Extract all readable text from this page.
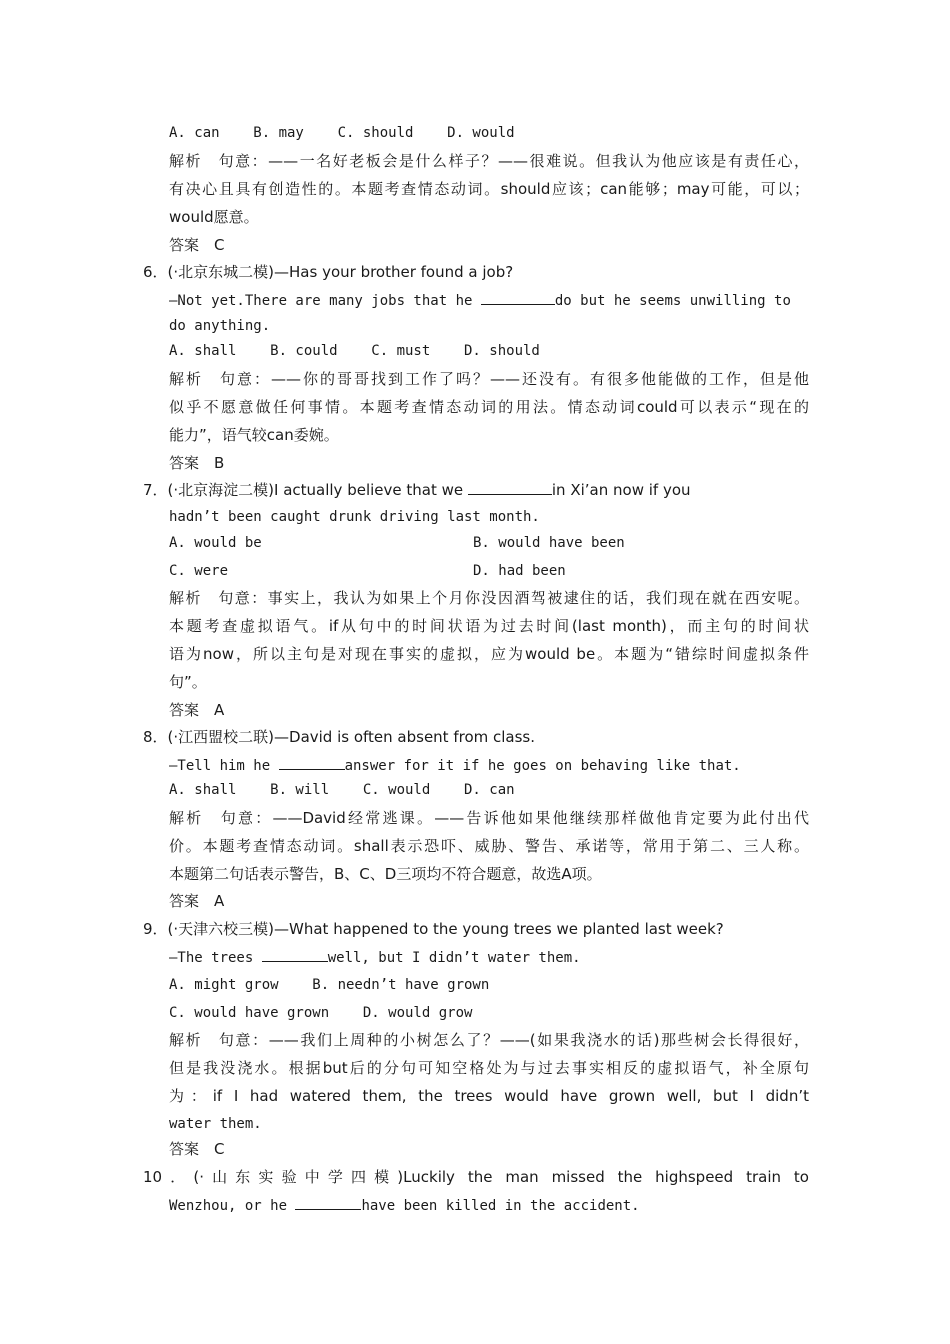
A. can    B. may    C. should    D. would
解析　句意：——一名好老板会是什么样子？——很难说。但我认为他应该是有责任心，
有决心且具有创造性的。本题考查情态动词。should应该；can能够；may可能，可以；
would愿意。
答案　C
6．(·北京东城二模)—Has your brother found a job?
—Not yet.There are many jobs that he	do but he seems unwilling to
do anything.
A. shall    B. could    C. must    D. should
解析　句意：——你的哥哥找到工作了吗？——还没有。有很多他能做的工作，但是他
似乎不愿意做任何事情。本题考查情态动词的用法。情态动词could可以表示“现在的
能力”，语气较can委婉。
答案　B
7．(·北京海淀二模)I actually believe that we	in Xi’an now if you
hadn’t been caught drunk driving last month.
A. would be	B. would have been
C. were	D. had been
解析　句意：事实上，我认为如果上个月你没因酒驾被逮住的话，我们现在就在西安呢。
本题考查虚拟语气。if从句中的时间状语为过去时间(last month)，而主句的时间状
语为now，所以主句是对现在事实的虚拟，应为would be。本题为“错综时间虚拟条件
句”。
答案　A
8．(·江西盟校二联)—David is often absent from class.
—Tell him he	answer for it if he goes on behaving like that.
A. shall    B. will    C. would    D. can
解析　句意：——David经常逃课。——告诉他如果他继续那样做他肯定要为此付出代
价。本题考查情态动词。shall表示恐吓、威胁、警告、承诺等，常用于第二、三人称。
本题第二句话表示警告，B、C、D三项均不符合题意，故选A项。
答案　A
9．(·天津六校三模)—What happened to the young trees we planted last week?
—The trees	well, but I didn’t water them.
A. might grow    B. needn’t have grown
C. would have grown    D. would grow
解析　句意：——我们上周种的小树怎么了？——(如果我浇水的话)那些树会长得很好，
但是我没浇水。根据but后的分句可知空格处为与过去事实相反的虚拟语气，补全原句
为：if I had watered them, the trees would have grown well, but I didn’t
water them.
答案　C
10．(·山东实验中学四模)Luckily the man missed the highspeed train to
Wenzhou, or he	have been killed in the accident.
